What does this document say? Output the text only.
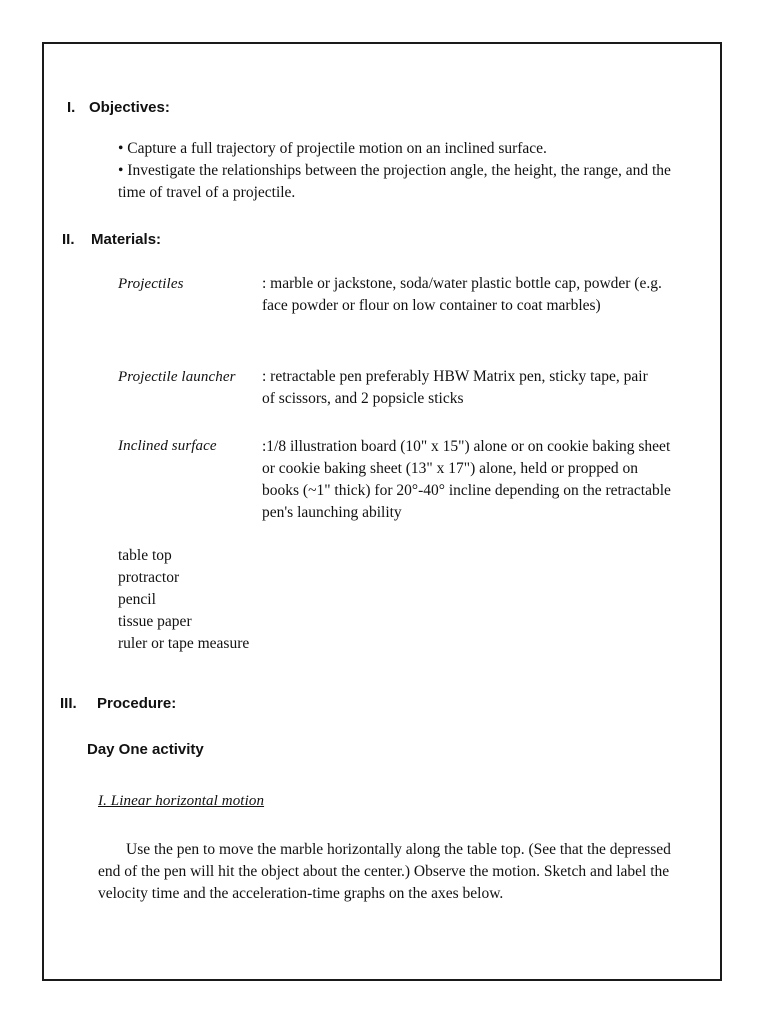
I. Objectives:

• Capture a full trajectory of projectile motion on an inclined surface.

• Investigate the relationships between the projection angle, the height, the range, and the time of travel of a projectile.

II. Materials:
Projectiles	: marble or jackstone, soda/water plastic bottle cap, powder (e.g. face powder or flour on low container to coat marbles)
Projectile launcher : retractable pen preferably HBW Matrix pen, sticky tape, pair of scissors, and 2 popsicle sticks
Inclined surface	:1/8 illustration board (10" x 15") alone or on cookie baking sheet or cookie baking sheet (13" x 17") alone, held or propped on books (~1" thick) for 20°-40° incline depending on the retractable pen's launching ability

table top

protractor

pencil

tissue paper

ruler or tape measure

III. Procedure:
Day One activity
I. Linear horizontal motion
Use the pen to move the marble horizontally along the table top. (See that the depressed end of the pen will hit the object about the center.) Observe the motion. Sketch and label the velocity time and the acceleration-time graphs on the axes below.
